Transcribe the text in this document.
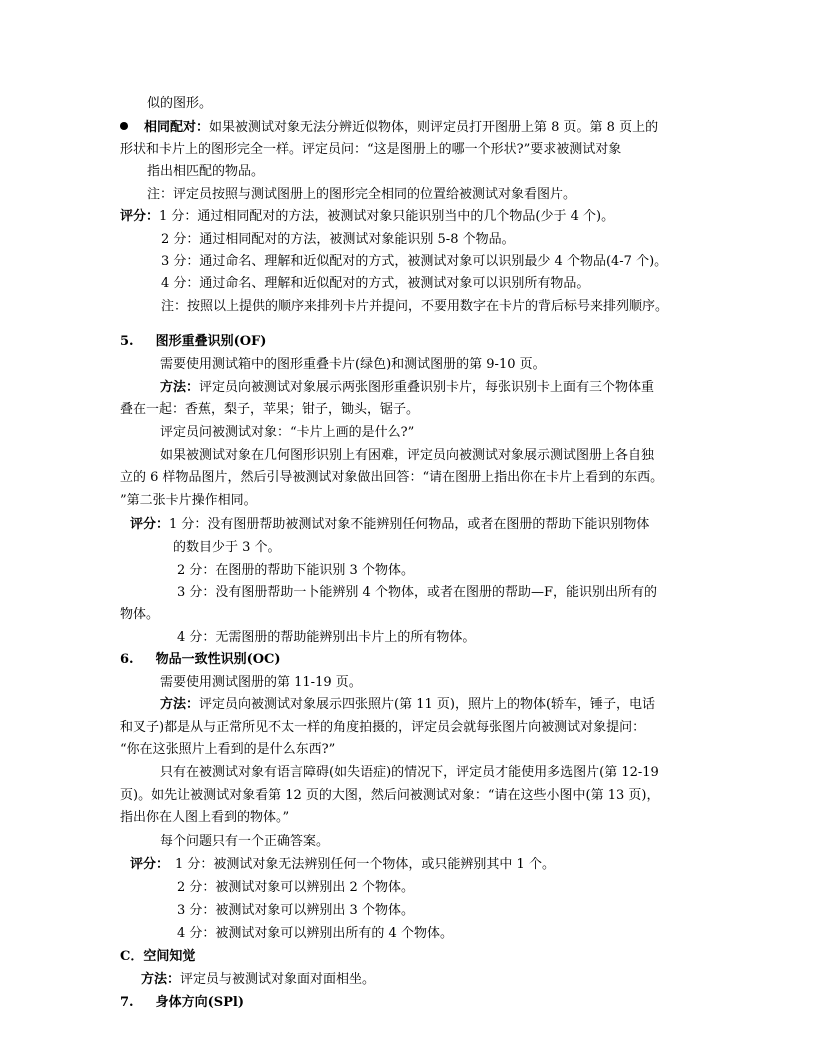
似的图形。
相同配对：如果被测试对象无法分辨近似物体，则评定员打开图册上第 8 页。第 8 页上的
形状和卡片上的图形完全一样。评定员问：“这是图册上的哪一个形状?”要求被测试对象
指出相匹配的物品。
注：评定员按照与测试图册上的图形完全相同的位置给被测试对象看图片。
评分：1 分：通过相同配对的方法，被测试对象只能识别当中的几个物品(少于 4 个)。
2 分：通过相同配对的方法，被测试对象能识别 5-8 个物品。
3 分：通过命名、理解和近似配对的方式，被测试对象可以识别最少 4 个物品(4-7 个)。
4 分：通过命名、理解和近似配对的方式，被测试对象可以识别所有物品。
注：按照以上提供的顺序来排列卡片并提问，不要用数字在卡片的背后标号来排列顺序。
5. 图形重叠识别(OF)
需要使用测试箱中的图形重叠卡片(绿色)和测试图册的第 9-10 页。
方法：评定员向被测试对象展示两张图形重叠识别卡片，每张识别卡上面有三个物体重
叠在一起：香蕉，梨子，苹果；钳子，锄头，锯子。
评定员问被测试对象：“卡片上画的是什么?”
如果被测试对象在几何图形识别上有困难，评定员向被测试对象展示测试图册上各自独
立的 6 样物品图片，然后引导被测试对象做出回答：“请在图册上指出你在卡片上看到的东西。
”第二张卡片操作相同。
评分：1 分：没有图册帮助被测试对象不能辨别任何物品，或者在图册的帮助下能识别物体
的数目少于 3 个。
2 分：在图册的帮助下能识别 3 个物体。
3 分：没有图册帮助一卜能辨别 4 个物体，或者在图册的帮助—F，能识别出所有的
物体。
4 分：无需图册的帮助能辨别出卡片上的所有物体。
6. 物品一致性识别(OC)
需要使用测试图册的第 11-19 页。
方法：评定员向被测试对象展示四张照片(第 11 页)，照片上的物体(轿车，锤子，电话
和叉子)都是从与正常所见不太一样的角度拍摄的，评定员会就每张图片向被测试对象提问：
“你在这张照片上看到的是什么东西?”
只有在被测试对象有语言障碍(如失语症)的情况下，评定员才能使用多选图片(第 12-19
页)。如先让被测试对象看第 12 页的大图，然后问被测试对象：“请在这些小图中(第 13 页)，
指出你在人图上看到的物体。”
每个问题只有一个正确答案。
评分： 1 分：被测试对象无法辨别任何一个物体，或只能辨别其中 1 个。
2 分：被测试对象可以辨别出 2 个物体。
3 分：被测试对象可以辨别出 3 个物体。
4 分：被测试对象可以辨别出所有的 4 个物体。
C．空间知觉
方法：评定员与被测试对象面对面相坐。
7. 身体方向(SPl)
